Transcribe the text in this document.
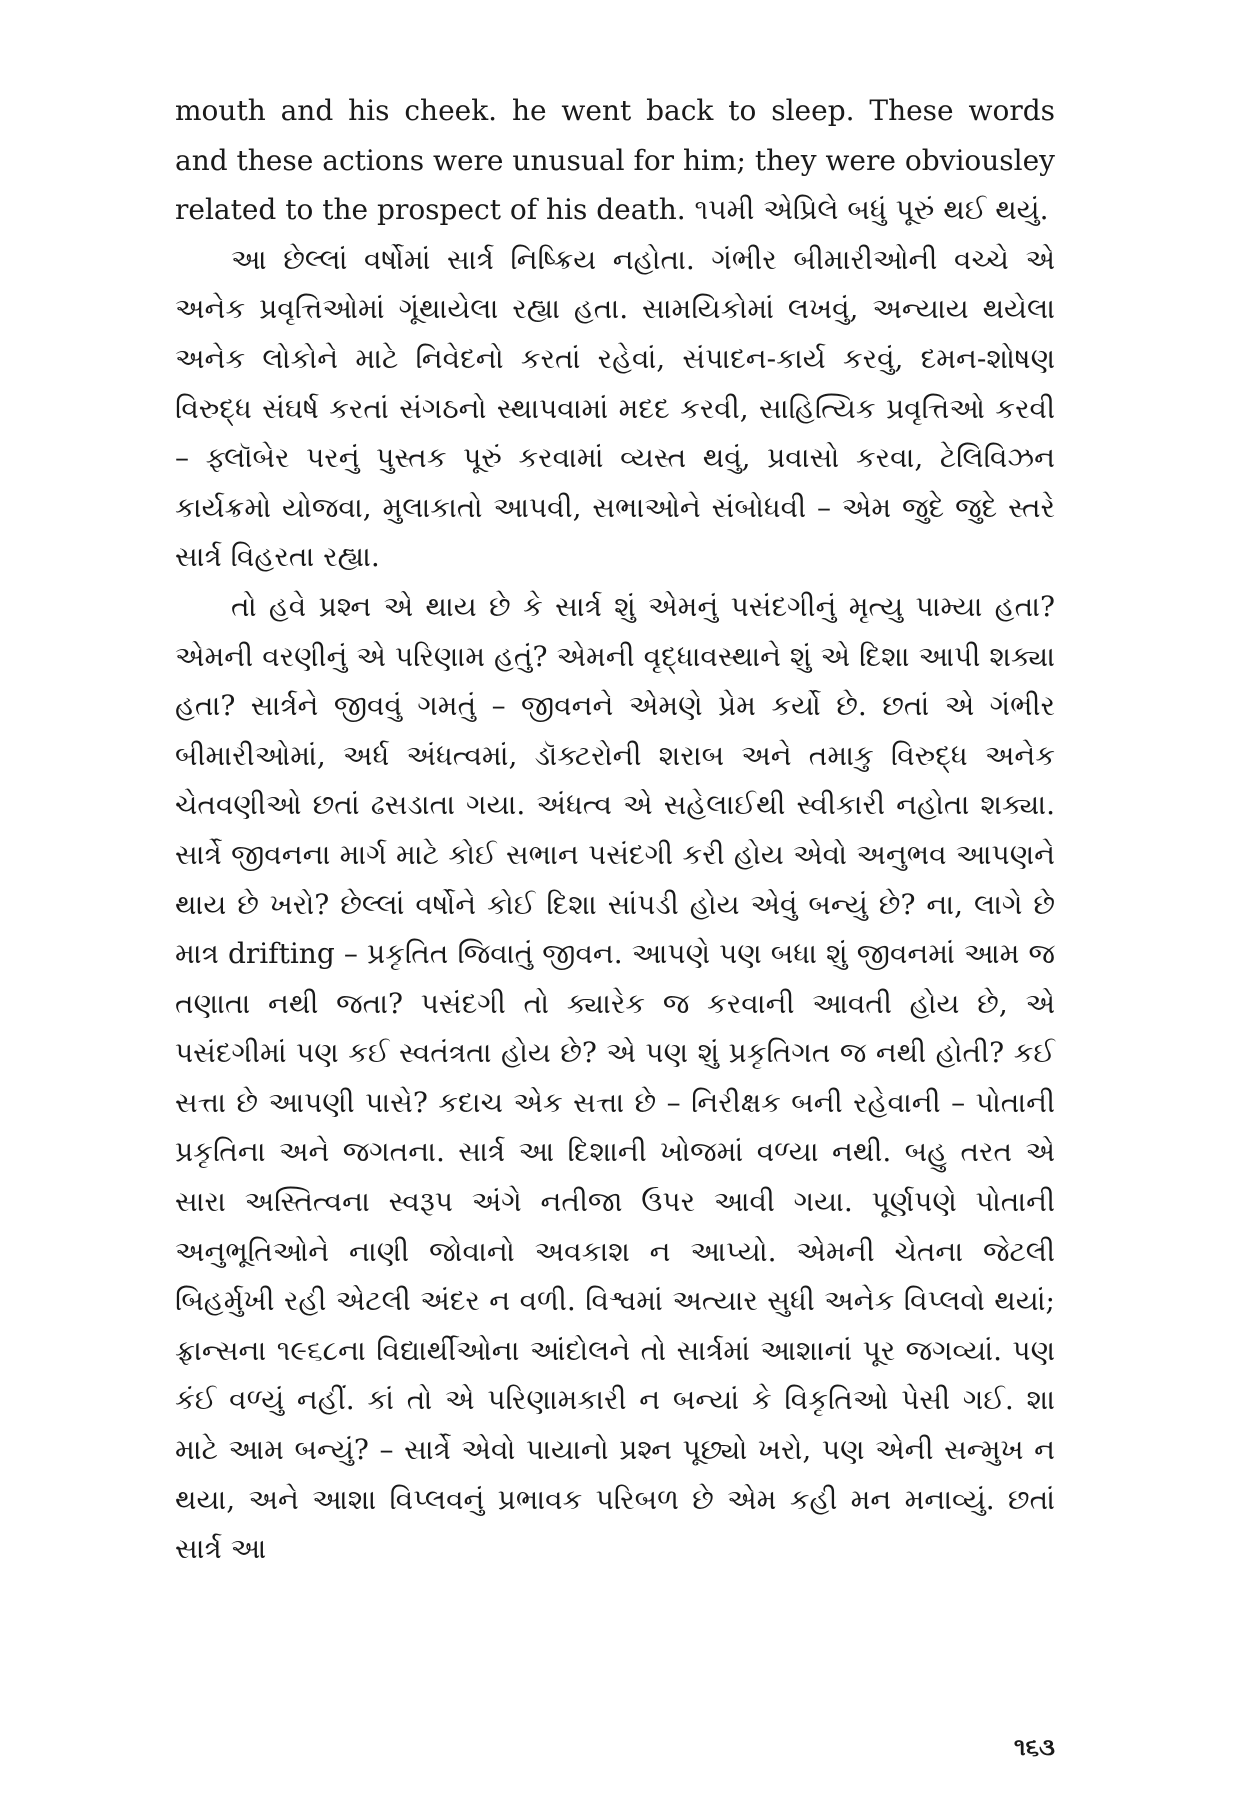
mouth and his cheek. he went back to sleep. These words and these actions were unusual for him; they were obviousley related to the prospect of his death. ૧૫મી એપ્રિલે બધું પૂરું થઈ થયું.

આ છેલ્લાં વર્ષોમાં સાર્ત્ર નિષ્ક્રિય નહોતા. ગંભીર બીમારીઓની વચ્ચે એ અનેક પ્રવૃત્તિઓમાં ગૂંથાયેલા રહ્યા હતા. સામયિકોમાં લખવું, અન્યાય થયેલા અનેક લોકોને માટે નિવેદનો કરતાં રહેવાં, સંપાદન-કાર્ય કરવું, દમન-શોષણ વિરુદ્ધ સંઘર્ષ કરતાં સંગઠનો સ્થાપવામાં મદદ કરવી, સાહિત્યિક પ્રવૃત્તિઓ કરવી – ફ્લૉબેર પરનું પુસ્તક પૂરું કરવામાં વ્યસ્ત થવું, પ્રવાસો કરવા, ટેલિવિઝન કાર્યક્રમો યોજવા, મુલાકાતો આપવી, સભાઓને સંબોધવી – એમ જુદે જુદે સ્તરે સાર્ત્ર વિહરતા રહ્યા.

તો હવે પ્રશ્ન એ થાય છે કે સાર્ત્ર શું એમનું પસંદગીનું મૃત્યુ પામ્યા હતા? એમની વરણીનું એ પરિણામ હતું? એમની વૃદ્ધાવસ્થાને શું એ દિશા આપી શક્યા હતા? સાર્ત્રને જીવવું ગમતું – જીવનને એમણે પ્રેમ કર્યો છે. છતાં એ ગંભીર બીમારીઓમાં, અર્ધ અંધત્વમાં, ડૉક્ટરોની શરાબ અને તમાકુ વિરુદ્ધ અનેક ચેતવણીઓ છતાં ઢસડાતા ગયા. અંધત્વ એ સહેલાઈથી સ્વીકારી નહોતા શક્યા. સાર્ત્રે જીવનના માર્ગ માટે કોઈ સભાન પસંદગી કરી હોય એવો અનુભવ આપણને થાય છે ખરો? છેલ્લાં વર્ષોને કોઈ દિશા સાંપડી હોય એવું બન્યું છે? ના, લાગે છે માત્ર drifting – પ્રકૃતિત જિવાતું જીવન. આપણે પણ બધા શું જીવનમાં આમ જ તણાતા નથી જતા? પસંદગી તો ક્યારેક જ કરવાની આવતી હોય છે, એ પસંદગીમાં પણ કઈ સ્વતંત્રતા હોય છે? એ પણ શું પ્રકૃતિગત જ નથી હોતી? કઈ સત્તા છે આપણી પાસે? કદાચ એક સત્તા છે – નિરીક્ષક બની રહેવાની – પોતાની પ્રકૃતિના અને જગતના. સાર્ત્ર આ દિશાની ખોજમાં વળ્યા નથી. બહુ તરત એ સારા અસ્તિત્વના સ્વરૂપ અંગે નતીજા ઉપર આવી ગયા. પૂર્ણપણે પોતાની અનુભૂતિઓને નાણી જોવાનો અવકાશ ન આપ્યો. એમની ચેતના જેટલી બિહર્મુખી રહી એટલી અંદર ન વળી. વિશ્વમાં અત્યાર સુધી અનેક વિપ્લવો થયાં; ફ્રાન્સના ૧૯૬૮ના વિદ્યાર્થીઓના આંદોલને તો સાર્ત્રમાં આશાનાં પૂર જગવ્યાં. પણ કંઈ વળ્યું નહીં. કાં તો એ પરિણામકારી ન બન્યાં કે વિકૃતિઓ પેસી ગઈ. શા માટે આમ બન્યું? – સાર્ત્રે એવો પાયાનો પ્રશ્ન પૂછ્યો ખરો, પણ એની સન્મુખ ન થયા, અને આશા વિપ્લવનું પ્રભાવક પરિબળ છે એમ કહી મન મનાવ્યું. છતાં સાર્ત્ર આ

૧૬૩
